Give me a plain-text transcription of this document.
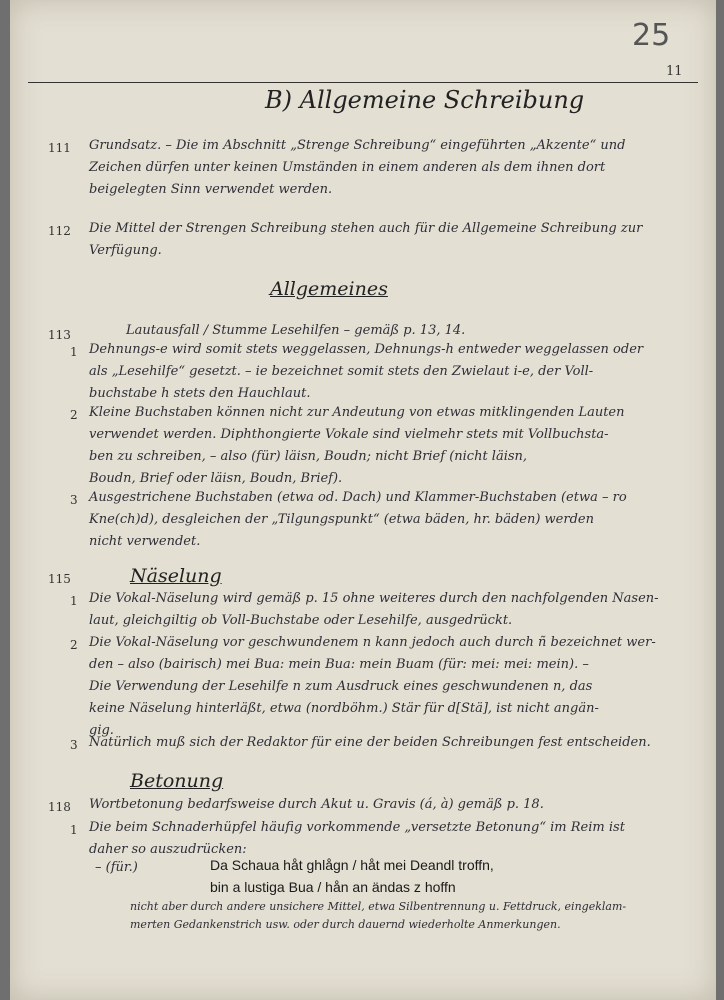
25
11
B) Allgemeine Schreibung
111 Grundsatz. – Die im Abschnitt „Strenge Schreibung“ eingeführten „Akzente“ und
Zeichen dürfen unter keinen Umständen in einem anderen als dem ihnen dort
beigelegten Sinn verwendet werden.
112 Die Mittel der Strengen Schreibung stehen auch für die Allgemeine Schreibung zur
Verfügung.
Allgemeines
113	Lautausfall / Stumme Lesehilfen – gemäß p. 13, 14.
1 Dehnungs-e wird somit stets weggelassen, Dehnungs-h entweder weggelassen oder
als „Lesehilfe“ gesetzt. – ie bezeichnet somit stets den Zwielaut i-e, der Voll-
buchstabe h stets den Hauchlaut.
2 Kleine Buchstaben können nicht zur Andeutung von etwas mitklingenden Lauten
verwendet werden. Diphthongierte Vokale sind vielmehr stets mit Vollbuchsta-
ben zu schreiben, – also (für) läisn, Boudn; nicht Brief (nicht läisn,
Boudn, Brief oder läisn, Boudn, Brief).
3 Ausgestrichene Buchstaben (etwa od. Dach) und Klammer-Buchstaben (etwa – ro
Kne(ch)d), desgleichen der „Tilgungspunkt“ (etwa bäden, hr. bäden) werden
nicht verwendet.
115	Näselung
1 Die Vokal-Näselung wird gemäß p. 15 ohne weiteres durch den nachfolgenden Nasen-
laut, gleichgiltig ob Voll-Buchstabe oder Lesehilfe, ausgedrückt.
2 Die Vokal-Näselung vor geschwundenem n kann jedoch auch durch ñ bezeichnet wer-
den – also (bairisch) mei Bua: mein Bua: mein Buam (für: mei: mei: mein). –
Die Verwendung der Lesehilfe n zum Ausdruck eines geschwundenen n, das
keine Näselung hinterläßt, etwa (nordböhm.) Stär für d[Stä], ist nicht angän-
gig.
3 Natürlich muß sich der Redaktor für eine der beiden Schreibungen fest entscheiden.
Betonung
118 Wortbetonung bedarfsweise durch Akut u. Gravis (á, à) gemäß p. 18.
1 Die beim Schnaderhüpfel häufig vorkommende „versetzte Betonung“ im Reim ist
daher so auszudrücken:
– (für.)	Da Schaua håt ghlågn / håt mei Deandl troffn,
bin a lustiga Bua / hån an ändas z hoffn
nicht aber durch andere unsichere Mittel, etwa Silbentrennung u. Fettdruck, eingeklam-
merten Gedankenstrich usw. oder durch dauernd wiederholte Anmerkungen.
